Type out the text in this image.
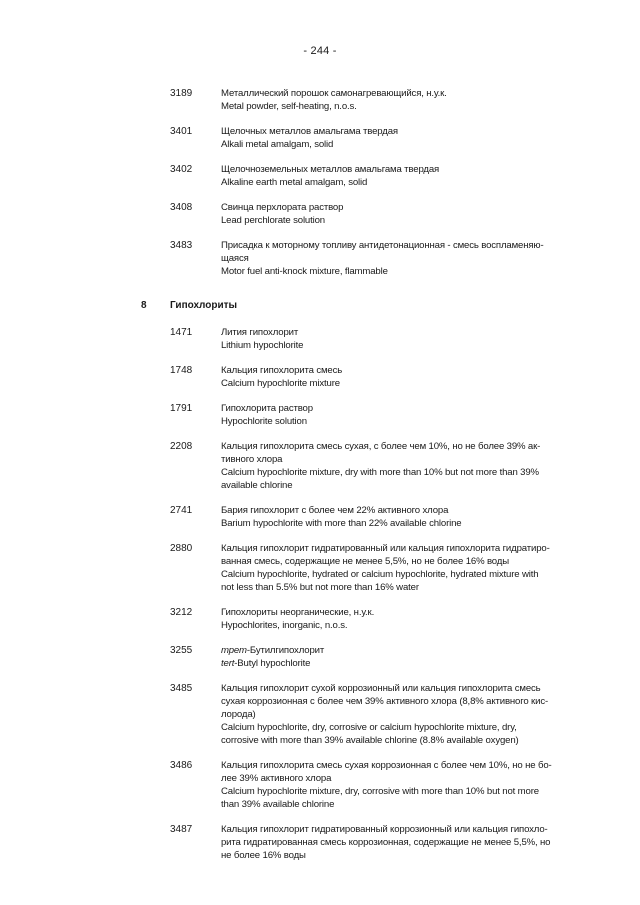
- 244 -
3189	Металлический порошок самонагревающийся, н.у.к.
Metal powder, self-heating, n.o.s.
3401	Щелочных металлов амальгама твердая
Alkali metal amalgam, solid
3402	Щелочноземельных металлов амальгама твердая
Alkaline earth metal amalgam, solid
3408	Свинца перхлората раствор
Lead perchlorate solution
3483	Присадка к моторному топливу антидетонационная - смесь воспламеняю-
щаяся
Motor fuel anti-knock mixture, flammable
8 Гипохлориты
1471	Лития гипохлорит
Lithium hypochlorite
1748	Кальция гипохлорита смесь
Calcium hypochlorite mixture
1791	Гипохлорита раствор
Hypochlorite solution
2208	Кальция гипохлорита смесь сухая, с более чем 10%, но не более 39% ак-
тивного хлора
Calcium hypochlorite mixture, dry with more than 10% but not more than 39%
available chlorine
2741	Бария гипохлорит с более чем 22% активного хлора
Barium hypochlorite with more than 22% available chlorine
2880	Кальция гипохлорит гидратированный или кальция гипохлорита гидратиро-
ванная смесь, содержащие не менее 5,5%, но не более 16% воды
Calcium hypochlorite, hydrated or calcium hypochlorite, hydrated mixture with
not less than 5.5% but not more than 16% water
3212	Гипохлориты неорганические, н.у.к.
Hypochlorites, inorganic, n.o.s.
3255	трет-Бутилгипохлорит
tert-Butyl hypochlorite
3485	Кальция гипохлорит сухой коррозионный или кальция гипохлорита смесь
сухая коррозионная с более чем 39% активного хлора (8,8% активного кис-
лорода)
Calcium hypochlorite, dry, corrosive or calcium hypochlorite mixture, dry,
corrosive with more than 39% available chlorine (8.8% available oxygen)
3486	Кальция гипохлорита смесь сухая коррозионная с более чем 10%, но не бо-
лее 39% активного хлора
Calcium hypochlorite mixture, dry, corrosive with more than 10% but not more
than 39% available chlorine
3487	Кальция гипохлорит гидратированный коррозионный или кальция гипохло-
рита гидратированная смесь коррозионная, содержащие не менее 5,5%, но
не более 16% воды
